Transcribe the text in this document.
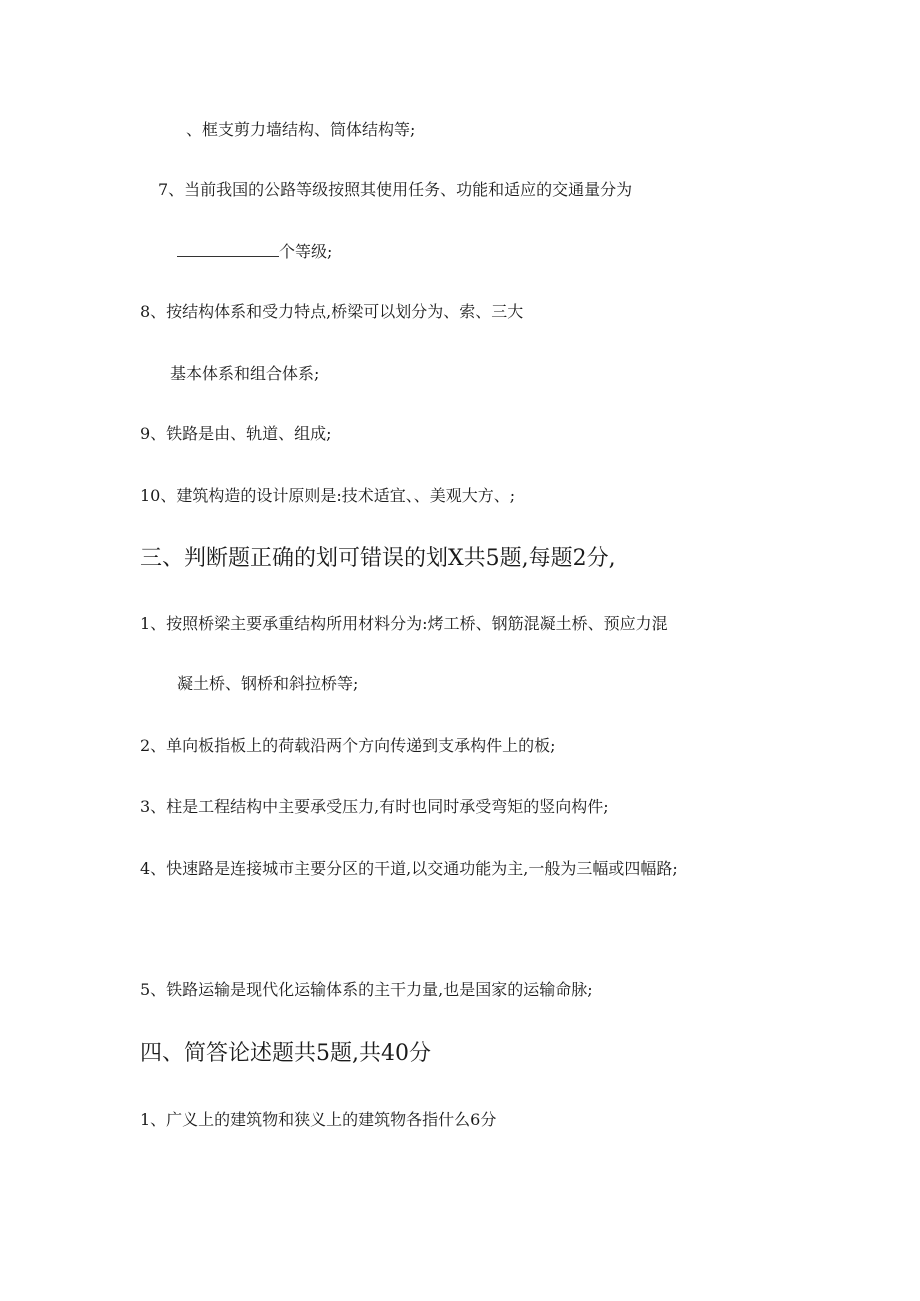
、框支剪力墙结构、筒体结构等;
7、当前我国的公路等级按照其使用任务、功能和适应的交通量分为
个等级;
8、按结构体系和受力特点,桥梁可以划分为、索、三大
基本体系和组合体系;
9、铁路是由、轨道、组成;
10、建筑构造的设计原则是:技术适宜、、美观大方、;
三、判断题正确的划可错误的划X共5题,每题2分,
1、按照桥梁主要承重结构所用材料分为:烤工桥、钢筋混凝土桥、预应力混
凝土桥、钢桥和斜拉桥等;
2、单向板指板上的荷载沿两个方向传递到支承构件上的板;
3、柱是工程结构中主要承受压力,有时也同时承受弯矩的竖向构件;
4、快速路是连接城市主要分区的干道,以交通功能为主,一般为三幅或四幅路;
5、铁路运输是现代化运输体系的主干力量,也是国家的运输命脉;
四、简答论述题共5题,共40分
1、广义上的建筑物和狭义上的建筑物各指什么6分
